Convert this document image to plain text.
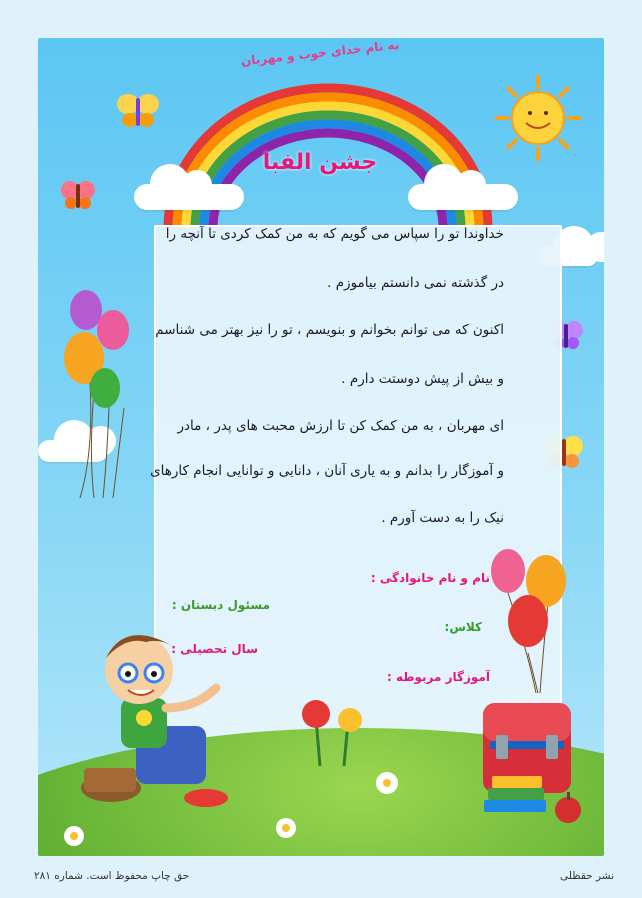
به نام خدای خوب و مهربان
جشن الفبا
خداوندا تو را سپاس می گویم که به من کمک کردی تا آنچه را
در گذشته نمی دانستم بیاموزم .
اکنون که می توانم بخوانم و بنویسم ، تو را نیز بهتر می شناسم
و بیش از پیش دوستت دارم .
ای مهربان ، به من کمک کن تا ارزش محبت های پدر ، مادر
و آموزگار را بدانم و به یاری آنان ، دانایی و توانایی انجام کارهای
نیک را به دست آورم .
نام و نام خانوادگی :
مسئول دبستان :
کلاس:
سال تحصیلی :
آموزگار مربوطه :
حق چاپ محفوظ است. شماره ۲۸۱	نشر حقظلی
